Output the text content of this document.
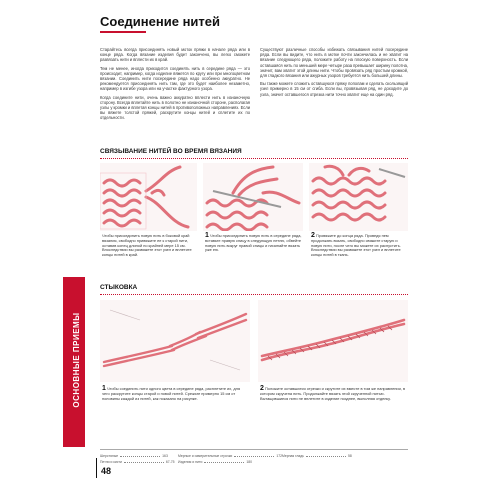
ОСНОВНЫЕ ПРИЕМЫ
Соединение нитей

Старайтесь всегда присоединять новый моток пряжи в начале ряда или в конце ряда. Когда вязание изделия будет закончено, вы легко сможете развязать нити и вплести их в край.

Тем не менее, иногда приходится соединять нить в середине ряда — это происходит, например, когда изделие вяжется по кругу или при многоцветном вязании. Соединить нити посередине ряда надо особенно аккуратно. Не рекомендуется присоединять нить там, где это будет наиболее незаметно, например в изгибе узора или на участке фактурного узора.

Когда соедините нити, очень важно аккуратно вплести нить в изнаночную сторону. Всегда вплетайте нить в полотно не изнаночной стороне, располагая узлы у кромки и вплетая концы нитей в противоположных направлениях. Если вы вяжете толстой пряжей, раскрутите концы нитей и сплетите их по отдельности.

Существуют различные способы избежать связывания нитей посередине ряда. Если вы видите, что нить в мотке почти закончилась и не хватит на вязание следующего ряда, положите работу на плоскую поверхность. Если оставшаяся нить по меньшей мере четыре раза превышает ширину полотна, значит, вам хватит этой длины нити. Чтобы провязать ряд простым кромкой, для гладкого вязания или ажурных узоров требуется нить большей длины.

Вы также можете сложить оставшуюся пряжу пополам и сделать скользящий узел примерно в 15 см от сгиба. Если вы, провязывая ряд, не доходите до узла, значит оставшегося отрезка нити точно хватит еще на один ряд.

СВЯЗЫВАНИЕ НИТЕЙ ВО ВРЕМЯ ВЯЗАНИЯ
Чтобы присоединить новую нить в боковой край вязания, свободно привяжите ее к старой нити, оставив конец длиной по крайней мере 15 см. Впоследствии вы развяжете этот узел и вплетите концы нитей в край.
1 Чтобы присоединить новую нить в середине ряда, вставьте правую спицу в следующую петлю, обвейте новую нить вокруг правой спицы и начинайте вязать уже ею.
2 Провяжите до конца ряда. Проведя нем продолжать вязать, свободно свяжите старую и новую нити, после чего вы можете их распустить. Впоследствии вы развяжете этот узел и вплетите концы нитей в ткань.
СТЫКОВКА
1 Чтобы соединить нити одного цвета в середине ряда, расплетите их, для чего раскрутите концы старой и новой нитей. Срежьте примерно 15 см от половины каждой из нитей, как показано на рисунке.
2 Положите оставшиеся отрезки и скрутите их вместе в том же направлении, в котором скручена нить. Продолжайте вязать этой скрученной нитью. Вытащившиеся нити не вплетите в изделие позднее, выполняя отделку.
Шерстяные	163
Петли и кисти	67-75
Мерные и измерительные строчки	172
Изделия и нити	180
Мерная гладь	58
48
